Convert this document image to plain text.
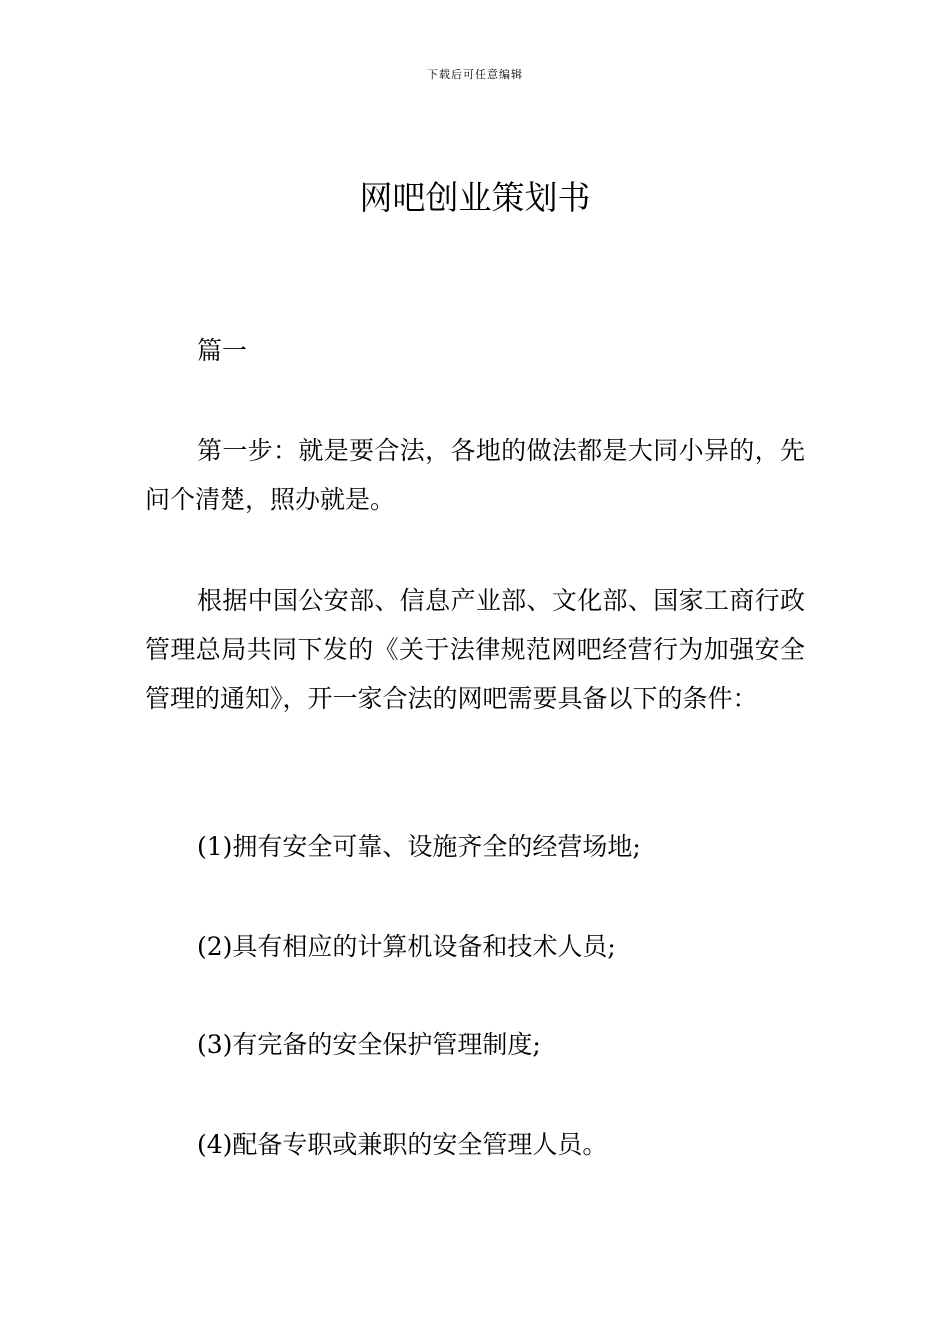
下载后可任意编辑
网吧创业策划书

篇一

第一步：就是要合法，各地的做法都是大同小异的，先问个清楚，照办就是。

根据中国公安部、信息产业部、文化部、国家工商行政管理总局共同下发的《关于法律规范网吧经营行为加强安全管理的通知》，开一家合法的网吧需要具备以下的条件：

(1)拥有安全可靠、设施齐全的经营场地;

(2)具有相应的计算机设备和技术人员;

(3)有完备的安全保护管理制度;

(4)配备专职或兼职的安全管理人员。
